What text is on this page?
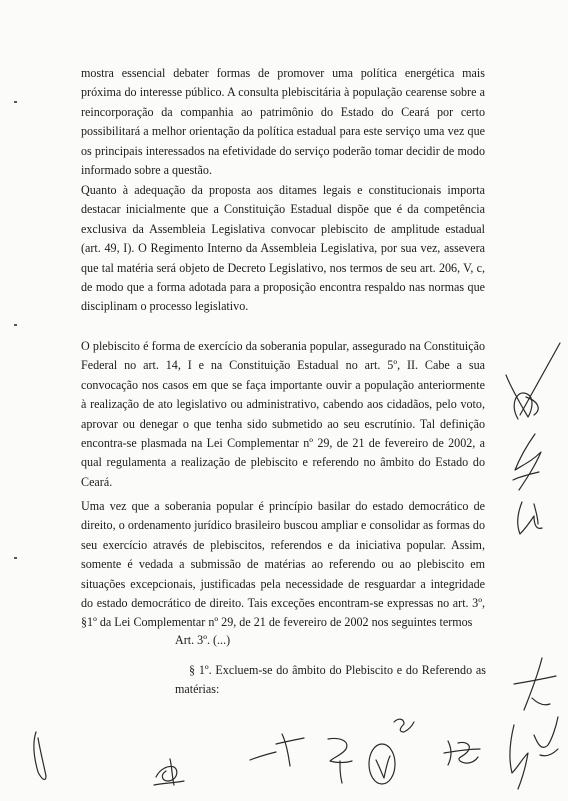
mostra essencial debater formas de promover uma política energética mais próxima do interesse público. A consulta plebiscitária à população cearense sobre a reincorporação da companhia ao patrimônio do Estado do Ceará por certo possibilitará a melhor orientação da política estadual para este serviço uma vez que os principais interessados na efetividade do serviço poderão tomar decidir de modo informado sobre a questão.

Quanto à adequação da proposta aos ditames legais e constitucionais importa destacar inicialmente que a Constituição Estadual dispõe que é da competência exclusiva da Assembleia Legislativa convocar plebiscito de amplitude estadual (art. 49, I). O Regimento Interno da Assembleia Legislativa, por sua vez, assevera que tal matéria será objeto de Decreto Legislativo, nos termos de seu art. 206, V, c, de modo que a forma adotada para a proposição encontra respaldo nas normas que disciplinam o processo legislativo.

O plebiscito é forma de exercício da soberania popular, assegurado na Constituição Federal no art. 14, I e na Constituição Estadual no art. 5º, II. Cabe a sua convocação nos casos em que se faça importante ouvir a população anteriormente à realização de ato legislativo ou administrativo, cabendo aos cidadãos, pelo voto, aprovar ou denegar o que tenha sido submetido ao seu escrutínio. Tal definição encontra-se plasmada na Lei Complementar nº 29, de 21 de fevereiro de 2002, a qual regulamenta a realização de plebiscito e referendo no âmbito do Estado do Ceará.

Uma vez que a soberania popular é princípio basilar do estado democrático de direito, o ordenamento jurídico brasileiro buscou ampliar e consolidar as formas do seu exercício através de plebiscitos, referendos e da iniciativa popular. Assim, somente é vedada a submissão de matérias ao referendo ou ao plebiscito em situações excepcionais, justificadas pela necessidade de resguardar a integridade do estado democrático de direito. Tais exceções encontram-se expressas no art. 3º, §1º da Lei Complementar nº 29, de 21 de fevereiro de 2002 nos seguintes termos

Art. 3º. (...)

§ 1º. Excluem-se do âmbito do Plebiscito e do Referendo as matérias:
